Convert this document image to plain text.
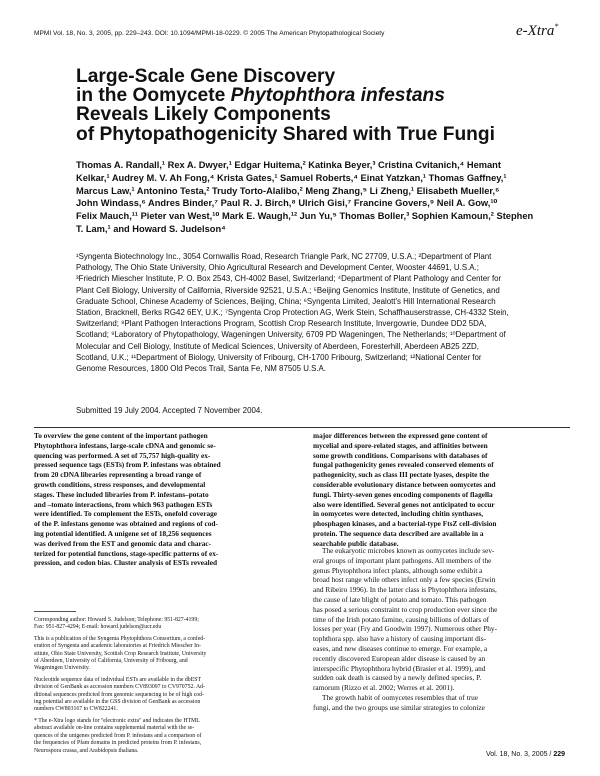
MPMI Vol. 18, No. 3, 2005, pp. 229–243. DOI: 10.1094/MPMI-18-0229. © 2005 The American Phytopathological Society	e-Xtra*
Large-Scale Gene Discovery
in the Oomycete Phytophthora infestans
Reveals Likely Components
of Phytopathogenicity Shared with True Fungi
Thomas A. Randall,¹ Rex A. Dwyer,¹ Edgar Huitema,² Katinka Beyer,³ Cristina Cvitanich,⁴ Hemant
Kelkar,¹ Audrey M. V. Ah Fong,⁴ Krista Gates,¹ Samuel Roberts,⁴ Einat Yatzkan,¹ Thomas Gaffney,¹
Marcus Law,¹ Antonino Testa,² Trudy Torto-Alalibo,² Meng Zhang,⁵ Li Zheng,¹ Elisabeth Mueller,⁶
John Windass,⁶ Andres Binder,⁷ Paul R. J. Birch,⁸ Ulrich Gisi,⁷ Francine Govers,⁹ Neil A. Gow,¹⁰
Felix Mauch,¹¹ Pieter van West,¹⁰ Mark E. Waugh,¹² Jun Yu,⁵ Thomas Boller,³ Sophien Kamoun,² Stephen
T. Lam,¹ and Howard S. Judelson⁴
¹Syngenta Biotechnology Inc., 3054 Cornwallis Road, Research Triangle Park, NC 27709, U.S.A.; ²Department of Plant
Pathology, The Ohio State University, Ohio Agricultural Research and Development Center, Wooster 44691, U.S.A.;
³Friedrich Miescher Institute, P. O. Box 2543, CH-4002 Basel, Switzerland; ⁴Department of Plant Pathology and Center for
Plant Cell Biology, University of California, Riverside 92521, U.S.A.; ⁵Beijing Genomics Institute, Institute of Genetics, and
Graduate School, Chinese Academy of Sciences, Beijing, China; ⁶Syngenta Limited, Jealott's Hill International Research
Station, Bracknell, Berks RG42 6EY, U.K.; ⁷Syngenta Crop Protection AG, Werk Stein, Schaffhauserstrasse, CH-4332 Stein,
Switzerland; ⁸Plant Pathogen Interactions Program, Scottish Crop Research Institute, Invergowrie, Dundee DD2 5DA,
Scotland; ⁹Laboratory of Phytopathology, Wageningen University, 6709 PD Wageningen, The Netherlands; ¹⁰Department of
Molecular and Cell Biology, Institute of Medical Sciences, University of Aberdeen, Foresterhill, Aberdeen AB25 2ZD,
Scotland, U.K.; ¹¹Department of Biology, University of Fribourg, CH-1700 Fribourg, Switzerland; ¹²National Center for
Genome Resources, 1800 Old Pecos Trail, Santa Fe, NM 87505 U.S.A.
Submitted 19 July 2004. Accepted 7 November 2004.
To overview the gene content of the important pathogen
Phytophthora infestans, large-scale cDNA and genomic se-
quencing was performed. A set of 75,757 high-quality ex-
pressed sequence tags (ESTs) from P. infestans was obtained
from 20 cDNA libraries representing a broad range of
growth conditions, stress responses, and developmental
stages. These included libraries from P. infestans–potato
and –tomato interactions, from which 963 pathogen ESTs
were identified. To complement the ESTs, onefold coverage
of the P. infestans genome was obtained and regions of cod-
ing potential identified. A unigene set of 18,256 sequences
was derived from the EST and genomic data and charac-
terized for potential functions, stage-specific patterns of ex-
pression, and codon bias. Cluster analysis of ESTs revealed
major differences between the expressed gene content of
mycelial and spore-related stages, and affinities between
some growth conditions. Comparisons with databases of
fungal pathogenicity genes revealed conserved elements of
pathogenicity, such as class III pectate lyases, despite the
considerable evolutionary distance between oomycetes and
fungi. Thirty-seven genes encoding components of flagella
also were identified. Several genes not anticipated to occur
in oomycetes were detected, including chitin synthases,
phosphagen kinases, and a bacterial-type FtsZ cell-division
protein. The sequence data described are available in a
searchable public database.
Corresponding author: Howard S. Judelson; Telephone: 951-827-4199;
Fax: 951-827-4294; E-mail: howard.judelson@ucr.edu
This is a publication of the Syngenta Phytophthora Consortium, a confed-
eration of Syngenta and academic laboratories at Friedrich Miescher In-
stitute, Ohio State University, Scottish Crop Research Institute, University
of Aberdeen, University of California, University of Fribourg, and
Wageningen University.
Nucleotide sequence data of individual ESTs are available in the dbEST
division of GenBank as accession numbers CV893097 to CV970752. Ad-
ditional sequences predicted from genomic sequencing to be of high cod-
ing potential are available in the GSS division of GenBank as accession
numbers CW803167 to CW822241.
* The e-Xtra logo stands for "electronic extra" and indicates the HTML
abstract available on-line contains supplemental material with the se-
quences of the unigenes predicted from P. infestans and a comparison of
the frequencies of Pfam domains in predicted proteins from P. infestans,
Neurospora crassa, and Arabidopsis thaliana.
The eukaryotic microbes known as oomycetes include sev-
eral groups of important plant pathogens. All members of the
genus Phytophthora infect plants, although some exhibit a
broad host range while others infect only a few species (Erwin
and Ribeiro 1996). In the latter class is Phytophthora infestans,
the cause of late blight of potato and tomato. This pathogen
has posed a serious constraint to crop production ever since the
time of the Irish potato famine, causing billions of dollars of
losses per year (Fry and Goodwin 1997). Numerous other Phy-
tophthora spp. also have a history of causing important dis-
eases, and new diseases continue to emerge. For example, a
recently discovered European alder disease is caused by an
interspecific Phytophthora hybrid (Brasier et al. 1999), and
sudden oak death is caused by a newly defined species, P.
ramorum (Rizzo et al. 2002; Werres et al. 2001).
The growth habit of oomycetes resembles that of true
fungi, and the two groups use similar strategies to colonize
Vol. 18, No. 3, 2005 / 229
